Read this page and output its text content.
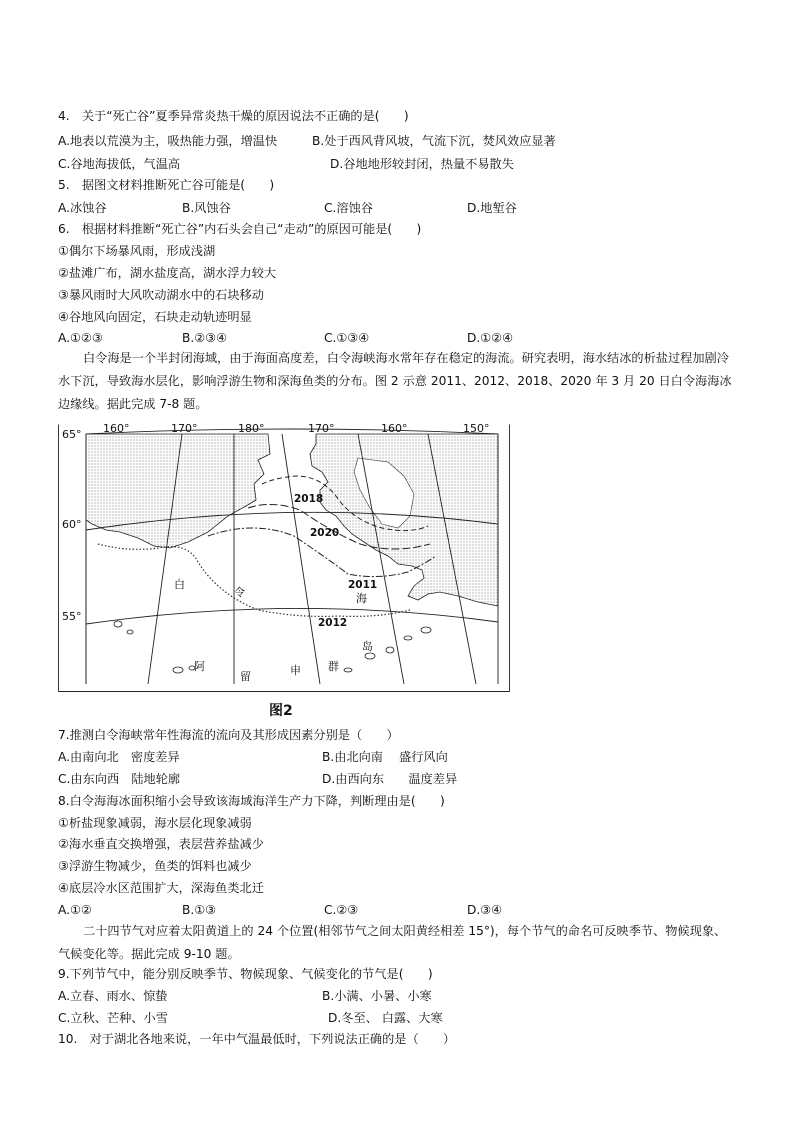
4.　关于“死亡谷”夏季异常炎热干燥的原因说法不正确的是(　　)
A.地表以荒漠为主，吸热能力强，增温快	B.处于西风背风坡，气流下沉，焚风效应显著
C.谷地海拔低，气温高	D.谷地地形较封闭，热量不易散失
5.　据图文材料推断死亡谷可能是(　　)
A.冰蚀谷	B.风蚀谷	C.溶蚀谷	D.地堑谷
6.　根据材料推断“死亡谷”内石头会自己“走动”的原因可能是(　　)
①偶尔下场暴风雨，形成浅湖
②盐滩广布，湖水盐度高，湖水浮力较大
③暴风雨时大风吹动湖水中的石块移动
④谷地风向固定，石块走动轨迹明显
A.①②③	B.②③④	C.①③④	D.①②④
白令海是一个半封闭海域，由于海面高度差，白令海峡海水常年存在稳定的海流。研究表明，海水结冰的析盐过程加剧冷水下沉，导致海水层化，影响浮游生物和深海鱼类的分布。图 2 示意 2011、2012、2018、2020 年 3 月 20 日白令海海冰边缘线。据此完成 7-8 题。
160°	170°	180°	170°	160°	150°
65°
60°
55°
2018
2020
2011
2012
白
令	海
阿
留	申 群
岛
图2
7.推测白令海峡常年性海流的流向及其形成因素分别是（　　）
A.由南向北　密度差异	B.由北向南　 盛行风向
C.由东向西　陆地轮廓	D.由西向东　　温度差异
8.白令海海冰面积缩小会导致该海域海洋生产力下降，判断理由是(　　)
①析盐现象减弱，海水层化现象减弱
②海水垂直交换增强，表层营养盐减少
③浮游生物减少，鱼类的饵料也减少
④底层冷水区范围扩大，深海鱼类北迁
A.①②	B.①③	C.②③	D.③④
二十四节气对应着太阳黄道上的 24 个位置(相邻节气之间太阳黄经相差 15°)，每个节气的命名可反映季节、物候现象、 气候变化等。据此完成 9-10 题。
9.下列节气中，能分别反映季节、物候现象、气候变化的节气是(　　)
A.立春、雨水、惊蛰	B.小满、小暑、小寒
C.立秋、芒种、小雪	D.冬至、 白露、大寒
10.　对于湖北各地来说，一年中气温最低时，下列说法正确的是（　　）
